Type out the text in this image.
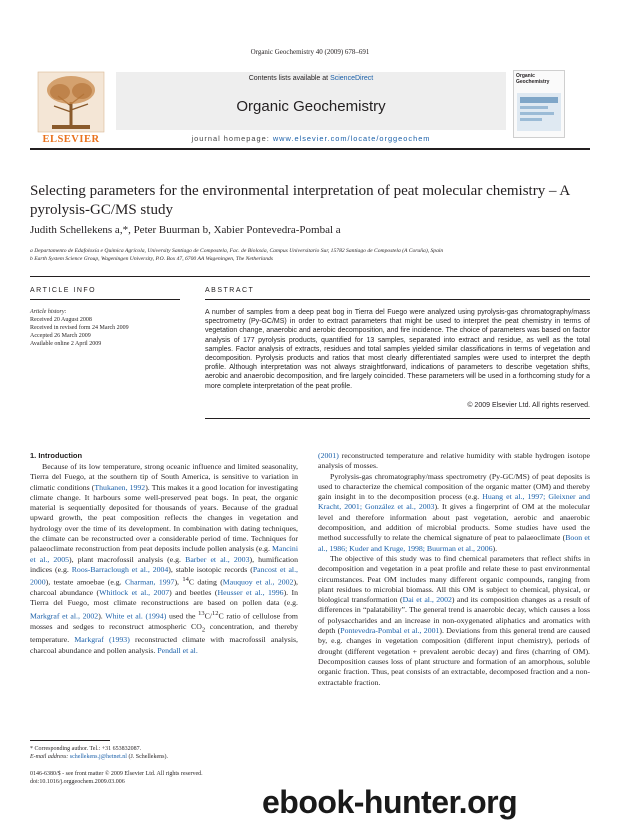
Organic Geochemistry 40 (2009) 678–691
Contents lists available at ScienceDirect
Organic Geochemistry
journal homepage: www.elsevier.com/locate/orggeochem
ELSEVIER
Organic Geochemistry
Selecting parameters for the environmental interpretation of peat molecular chemistry – A pyrolysis-GC/MS study
Judith Schellekens a,*, Peter Buurman b, Xabier Pontevedra-Pombal a
a Departamento de Edafoloxía e Química Agrícola, University Santiago de Compostela, Fac. de Bioloxía, Campus Universitario Sur, 15782 Santiago de Compostela (A Coruña), Spain
b Earth System Science Group, Wageningen University, P.O. Box 47, 6700 AA Wageningen, The Netherlands
ARTICLE INFO	ABSTRACT
Article history:
Received 20 August 2008
Received in revised form 24 March 2009
Accepted 26 March 2009
Available online 2 April 2009
A number of samples from a deep peat bog in Tierra del Fuego were analyzed using pyrolysis-gas chromatography/mass spectrometry (Py-GC/MS) in order to extract parameters that might be used to interpret the peat chemistry in terms of vegetation change, anaerobic and aerobic decomposition, and fire incidence. The choice of parameters was based on factor analysis of 177 pyrolysis products, quantified for 13 samples, separated into extract and residue, as well as the total samples. Factor analysis of extracts, residues and total samples yielded similar classifications in terms of vegetation and decomposition. Pyrolysis products and ratios that most clearly differentiated samples were used to interpret the depth profile. Although interpretation was not always straightforward, indications of parameters to describe vegetation shifts, aerobic and anaerobic decomposition, and fire largely coincided. These parameters will be used in a forthcoming study for a more complete interpretation of the peat profile.
© 2009 Elsevier Ltd. All rights reserved.
1. Introduction

Because of its low temperature, strong oceanic influence and limited seasonality, Tierra del Fuego, at the southern tip of South America, is sensitive to variation in climatic conditions (Thukanen, 1992). This makes it a good location for investigating climate change. It harbours some well-preserved peat bogs. In peat, the organic material is sequentially deposited for thousands of years. Because of the gradual upward growth, the peat composition reflects the changes in vegetation and hydrology over the time of its development. In combination with dating techniques, the climate can be reconstructed over a considerable period of time. Techniques for palaeoclimate reconstruction from peat deposits include pollen analysis (e.g. Mancini et al., 2005), plant macrofossil analysis (e.g. Barber et al., 2003), humification indices (e.g. Roos-Barraclough et al., 2004), stable isotopic records (Pancost et al., 2000), testate amoebae (e.g. Charman, 1997), $^{14}$C dating (Mauquoy et al., 2002), charcoal abundance (Whitlock et al., 2007) and beetles (Heusser et al., 1996). In Tierra del Fuego, most climate reconstructions are based on pollen data (e.g. Markgraf et al., 2002). White et al. (1994) used the $^{13}$C/$^{12}$C ratio of cellulose from mosses and sedges to reconstruct atmospheric $CO_2$ concentration, and thereby temperature. Markgraf (1993) reconstructed climate with macrofossil analysis, charcoal abundance and pollen analysis. Pendall et al.

(2001) reconstructed temperature and relative humidity with stable hydrogen isotope analysis of mosses.

Pyrolysis-gas chromatography/mass spectrometry (Py-GC/MS) of peat deposits is used to characterize the chemical composition of the organic matter (OM) and thereby gain insight in to the decomposition process (e.g. Huang et al., 1997; Gleixner and Kracht, 2001; González et al., 2003). It gives a fingerprint of OM at the molecular level and therefore information about past vegetation, aerobic and anaerobic decomposition, and addition of microbial products. Some studies have used the method successfully to relate the chemical signature of peat to palaeoclimate (Boon et al., 1986; Kuder and Kruge, 1998; Buurman et al., 2006).

The objective of this study was to find chemical parameters that reflect shifts in decomposition and vegetation in a peat profile and relate these to past environmental circumstances. Peat OM includes many different organic compounds, ranging from plant residues to microbial biomass. All this OM is subject to chemical, physical, or biological transformation (Dai et al., 2002) and its composition changes as a result of differences in “palatability”. The general trend is anaerobic decay, which causes a loss of polysaccharides and an increase in non-oxygenated aliphatics and aromatics with depth (Pontevedra-Pombal et al., 2001). Deviations from this general trend are caused by, e.g. changes in vegetation composition (different input chemistry), periods of drought (different vegetation + prevalent aerobic decay) and fires (charring of OM). Decomposition causes loss of plant structure and formation of an amorphous, soluble organic fraction. Thus, peat consists of an extractable, decomposed fraction and a non-extractable fraction.

* Corresponding author. Tel.: +31 653832087.
E-mail address: schellekens.j@hetnet.nl (J. Schellekens).
0146-6380/$ - see front matter © 2009 Elsevier Ltd. All rights reserved.
doi:10.1016/j.orggeochem.2009.03.006
ebook-hunter.org
